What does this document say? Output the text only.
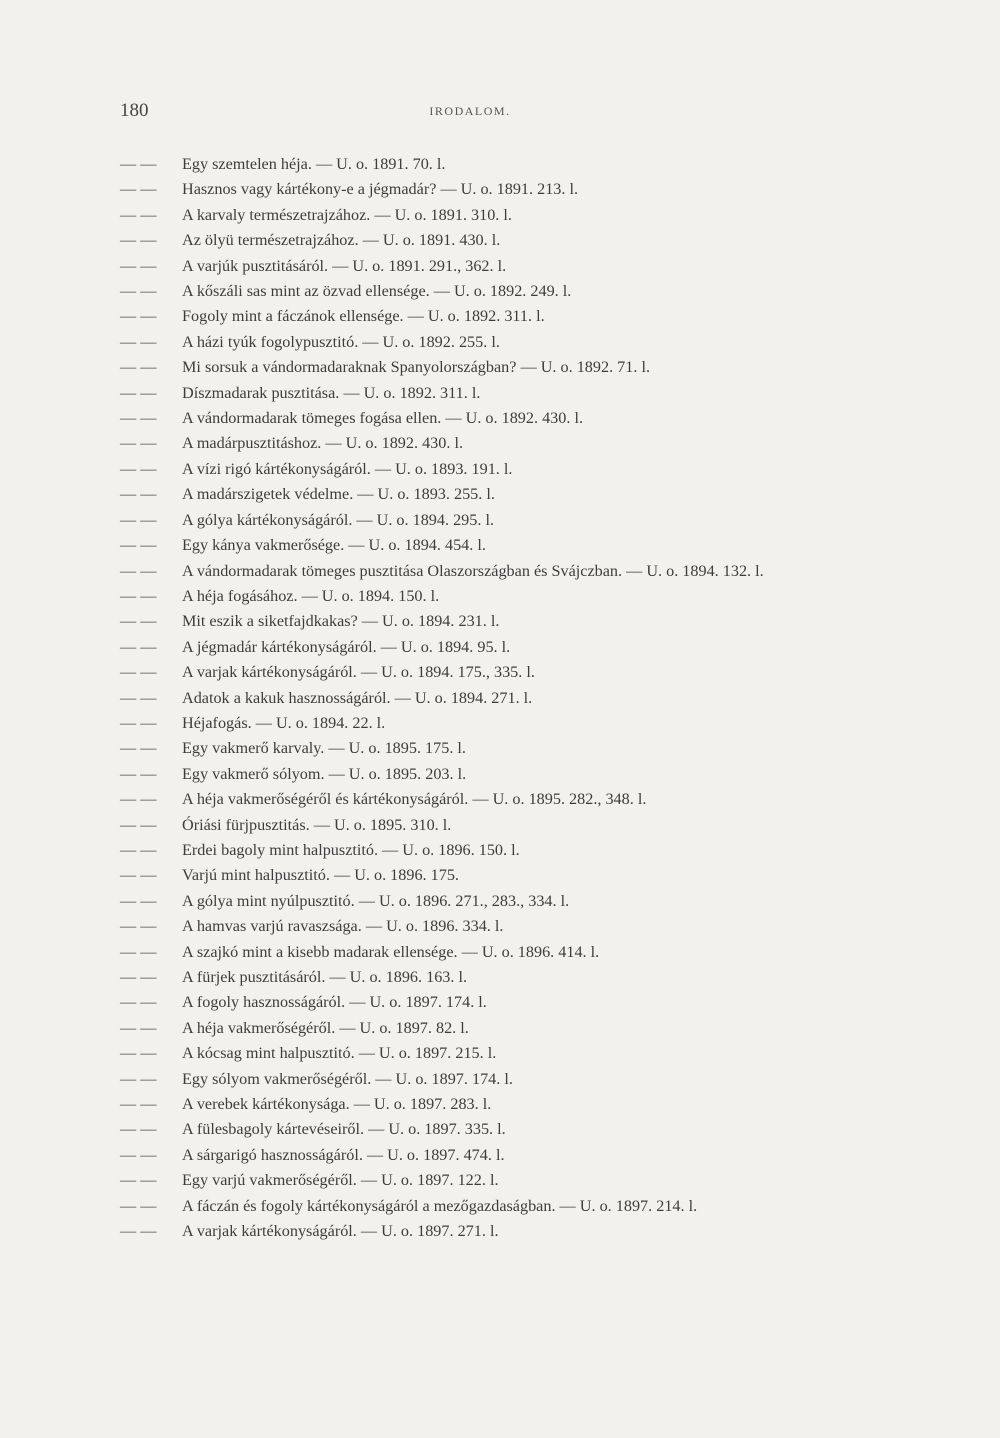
180	IRODALOM.
— —	Egy szemtelen héja. — U. o. 1891. 70. l.
— —	Hasznos vagy kártékony-e a jégmadár? — U. o. 1891. 213. l.
— —	A karvaly természetrajzához. — U. o. 1891. 310. l.
— —	Az ölyü természetrajzához. — U. o. 1891. 430. l.
— —	A varjúk pusztitásáról. — U. o. 1891. 291., 362. l.
— —	A kőszáli sas mint az özvad ellensége. — U. o. 1892. 249. l.
— —	Fogoly mint a fáczánok ellensége. — U. o. 1892. 311. l.
— —	A házi tyúk fogolypusztitó. — U. o. 1892. 255. l.
— —	Mi sorsuk a vándormadaraknak Spanyolországban? — U. o. 1892. 71. l.
— —	Díszmadarak pusztitása. — U. o. 1892. 311. l.
— —	A vándormadarak tömeges fogása ellen. — U. o. 1892. 430. l.
— —	A madárpusztitáshoz. — U. o. 1892. 430. l.
— —	A vízi rigó kártékonyságáról. — U. o. 1893. 191. l.
— —	A madárszigetek védelme. — U. o. 1893. 255. l.
— —	A gólya kártékonyságáról. — U. o. 1894. 295. l.
— —	Egy kánya vakmerősége. — U. o. 1894. 454. l.
— —	A vándormadarak tömeges pusztitása Olaszországban és Svájczban. — U. o. 1894. 132. l.
— —	A héja fogásához. — U. o. 1894. 150. l.
— —	Mit eszik a siketfajdkakas? — U. o. 1894. 231. l.
— —	A jégmadár kártékonyságáról. — U. o. 1894. 95. l.
— —	A varjak kártékonyságáról. — U. o. 1894. 175., 335. l.
— —	Adatok a kakuk hasznosságáról. — U. o. 1894. 271. l.
— —	Héjafogás. — U. o. 1894. 22. l.
— —	Egy vakmerő karvaly. — U. o. 1895. 175. l.
— —	Egy vakmerő sólyom. — U. o. 1895. 203. l.
— —	A héja vakmerőségéről és kártékonyságáról. — U. o. 1895. 282., 348. l.
— —	Óriási fürjpusztitás. — U. o. 1895. 310. l.
— —	Erdei bagoly mint halpusztitó. — U. o. 1896. 150. l.
— —	Varjú mint halpusztitó. — U. o. 1896. 175.
— —	A gólya mint nyúlpusztitó. — U. o. 1896. 271., 283., 334. l.
— —	A hamvas varjú ravaszsága. — U. o. 1896. 334. l.
— —	A szajkó mint a kisebb madarak ellensége. — U. o. 1896. 414. l.
— —	A fürjek pusztitásáról. — U. o. 1896. 163. l.
— —	A fogoly hasznosságáról. — U. o. 1897. 174. l.
— —	A héja vakmerőségéről. — U. o. 1897. 82. l.
— —	A kócsag mint halpusztitó. — U. o. 1897. 215. l.
— —	Egy sólyom vakmerőségéről. — U. o. 1897. 174. l.
— —	A verebek kártékonysága. — U. o. 1897. 283. l.
— —	A fülesbagoly kártevéseiről. — U. o. 1897. 335. l.
— —	A sárgarigó hasznosságáról. — U. o. 1897. 474. l.
— —	Egy varjú vakmerőségéről. — U. o. 1897. 122. l.
— —	A fáczán és fogoly kártékonyságáról a mezőgazdaságban. — U. o. 1897. 214. l.
— —	A varjak kártékonyságáról. — U. o. 1897. 271. l.
